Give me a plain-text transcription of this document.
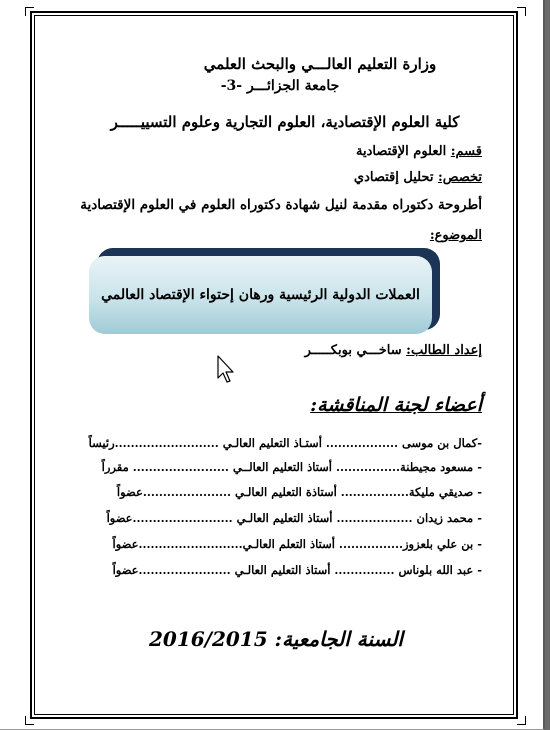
وزارة التعليم العالـــي والبحث العلمي
جامعة الجزائـــر -3-
كلية العلوم الإقتصادية، العلوم التجارية وعلوم التسييـــــر
قسم: العلوم الإقتصادية
تخصص: تحليل إقتصادي
أطروحة دكتوراه مقدمة لنيل شهادة دكتوراه العلوم في العلوم الإقتصادية
الموضوع:
العملات الدولية الرئيسية ورهان إحتواء الإقتصاد العالمي
إعداد الطالب: ساخـــي بوبكـــــر
أعضاء لجنة المناقشة:
-كمال بن موسى .................. أستـاذ التعليم العالـي ..........................رئيساً
- مسعود مجيطنة................ أستاذ التعليم العالــي ........................ مقرراً
- صديقي مليكة................. أستاذة التعليم العالـي ......................عضواً
- محمد زيدان ................... أستاذ التعليم العالـي .........................عضواً
- بن علي بلعزوز................ أستاذ التعلم العالـي..........................عضواً
- عبد الله بلوناس ............... أستاذ التعليم العالـي .......................عضواً
السنة الجامعية: 2016/2015
